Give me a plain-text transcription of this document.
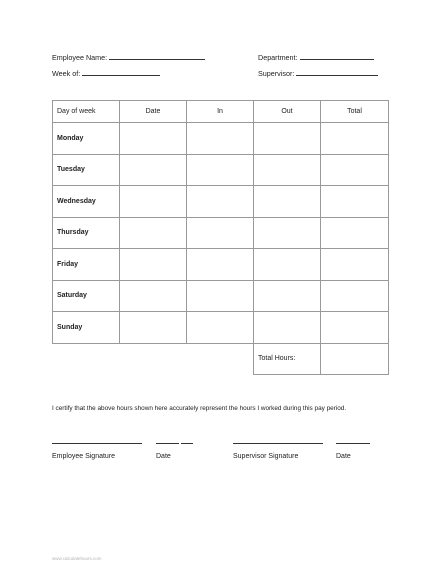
Employee Name:
Week of:
Department:
Supervisor:
Day of week	Date	In	Out	Total
Monday				
Tuesday				
Wednesday				
Thursday				
Friday				
Saturday				
Sunday				
			Total Hours:	
I certify that the above hours shown here accurately represent the hours I worked during this pay period.
Employee Signature	Date	Supervisor Signature	Date
www.calculatehours.com
